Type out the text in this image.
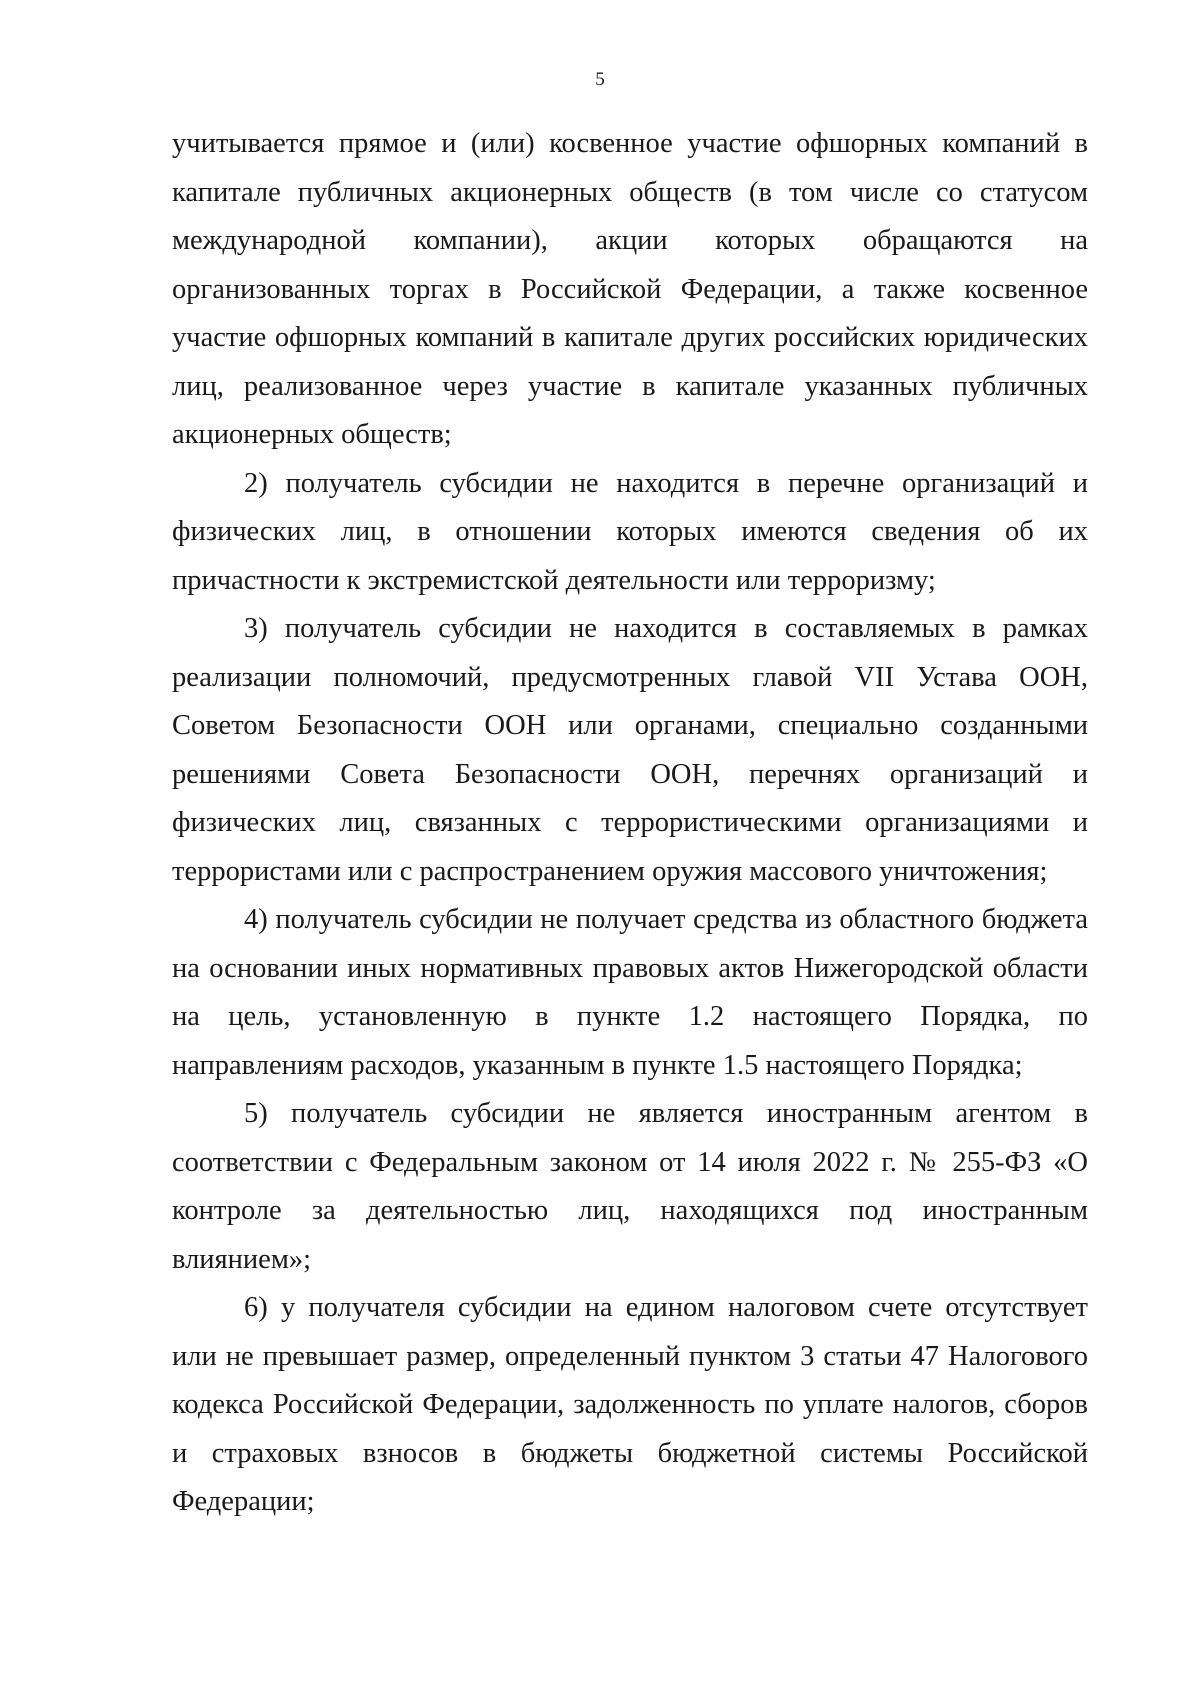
5

учитывается прямое и (или) косвенное участие офшорных компаний в капитале публичных акционерных обществ (в том числе со статусом международной компании), акции которых обращаются на организованных торгах в Российской Федерации, а также косвенное участие офшорных компаний в капитале других российских юридических лиц, реализованное через участие в капитале указанных публичных акционерных обществ;

2) получатель субсидии не находится в перечне организаций и физических лиц, в отношении которых имеются сведения об их причастности к экстремистской деятельности или терроризму;

3) получатель субсидии не находится в составляемых в рамках реализации полномочий, предусмотренных главой VII Устава ООН, Советом Безопасности ООН или органами, специально созданными решениями Совета Безопасности ООН, перечнях организаций и физических лиц, связанных с террористическими организациями и террористами или с распространением оружия массового уничтожения;

4) получатель субсидии не получает средства из областного бюджета на основании иных нормативных правовых актов Нижегородской области на цель, установленную в пункте 1.2 настоящего Порядка, по направлениям расходов, указанным в пункте 1.5 настоящего Порядка;

5) получатель субсидии не является иностранным агентом в соответствии с Федеральным законом от 14 июля 2022 г. № 255-ФЗ «О контроле за деятельностью лиц, находящихся под иностранным влиянием»;

6) у получателя субсидии на едином налоговом счете отсутствует или не превышает размер, определенный пунктом 3 статьи 47 Налогового кодекса Российской Федерации, задолженность по уплате налогов, сборов и страховых взносов в бюджеты бюджетной системы Российской Федерации;
